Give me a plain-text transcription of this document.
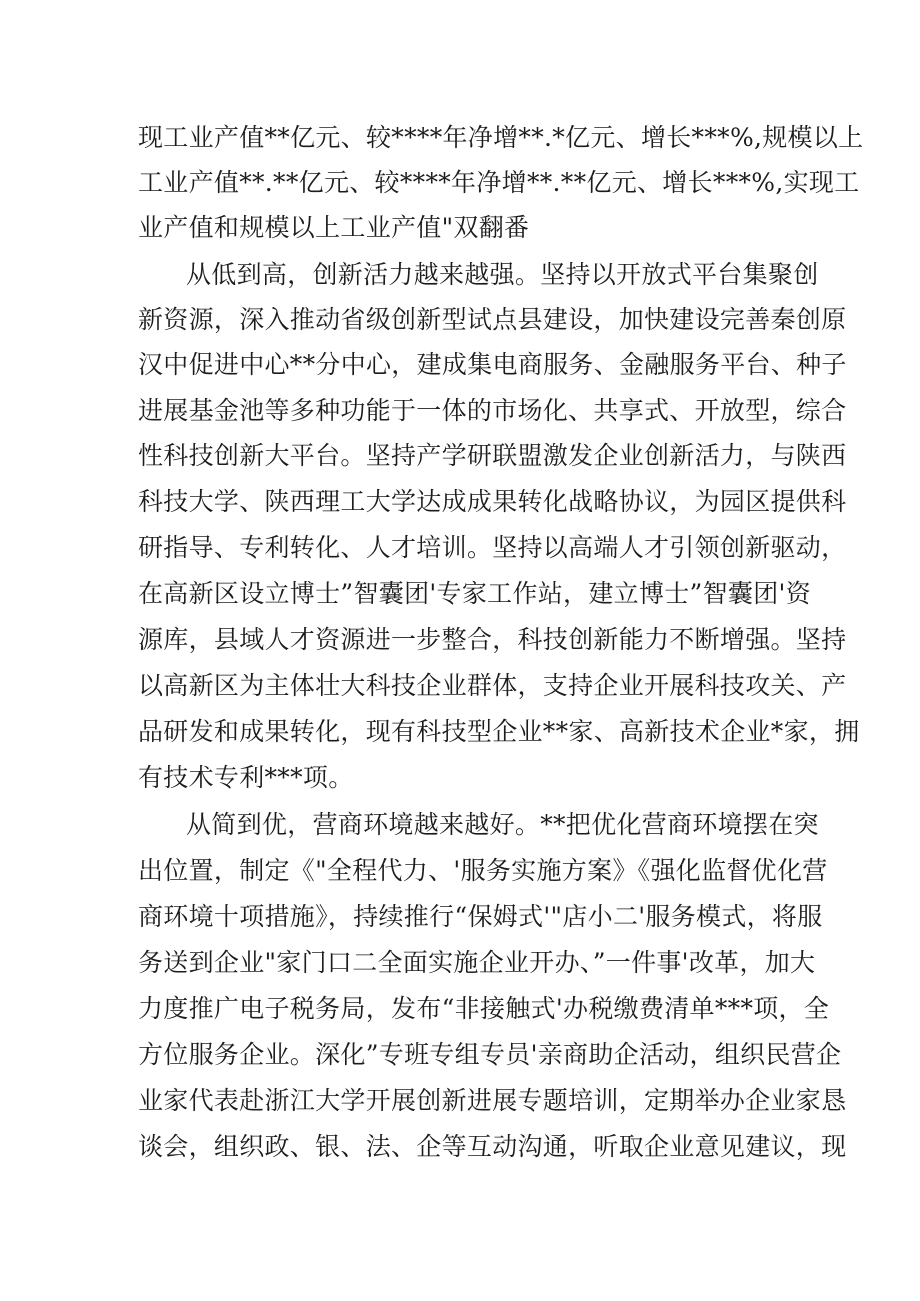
现工业产值**亿元、较****年净增**.*亿元、增长***%,规模以上
工业产值**.**亿元、较****年净增**.**亿元、增长***%,实现工
业产值和规模以上工业产值"双翻番
从低到高，创新活力越来越强。坚持以开放式平台集聚创
新资源，深入推动省级创新型试点县建设，加快建设完善秦创原
汉中促进中心**分中心，建成集电商服务、金融服务平台、种子
进展基金池等多种功能于一体的市场化、共享式、开放型，综合
性科技创新大平台。坚持产学研联盟激发企业创新活力，与陕西
科技大学、陕西理工大学达成成果转化战略协议，为园区提供科
研指导、专利转化、人才培训。坚持以高端人才引领创新驱动，
在高新区设立博士”智囊团'专家工作站，建立博士”智囊团'资
源库，县域人才资源进一步整合，科技创新能力不断增强。坚持
以高新区为主体壮大科技企业群体，支持企业开展科技攻关、产
品研发和成果转化，现有科技型企业**家、高新技术企业*家，拥
有技术专利***项。
从简到优，营商环境越来越好。**把优化营商环境摆在突
出位置，制定《"全程代力、'服务实施方案》《强化监督优化营
商环境十项措施》，持续推行“保姆式'"店小二'服务模式，将服
务送到企业"家门口二全面实施企业开办、”一件事'改革，加大
力度推广电子税务局，发布“非接触式'办税缴费清单***项，全
方位服务企业。深化”专班专组专员'亲商助企活动，组织民营企
业家代表赴浙江大学开展创新进展专题培训，定期举办企业家恳
谈会，组织政、银、法、企等互动沟通，听取企业意见建议，现
